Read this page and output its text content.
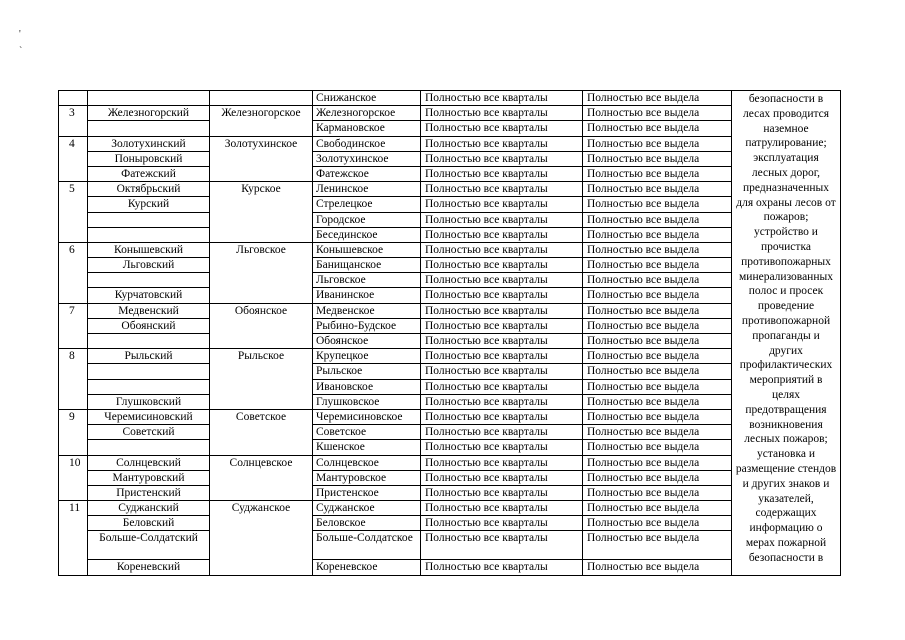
'
`
			Снижанское	Полностью все кварталы	Полностью все выдела	безопасности в лесах проводится наземное патрулирование; эксплуатация лесных дорог, предназначенных для охраны лесов от пожаров; устройство и прочистка противопожарных минерализованных полос и просек проведение противопожарной пропаганды и других профилактических мероприятий в целях предотвращения возникновения лесных пожаров; установка и размещение стендов и других знаков и указателей, содержащих информацию о мерах пожарной безопасности в
3	Железногорский	Железногорское	Железногорское	Полностью все кварталы	Полностью все выдела	
			Кармановское	Полностью все кварталы	Полностью все выдела	
4	Золотухинский	Золотухинское	Свободинское	Полностью все кварталы	Полностью все выдела	
	Поныровский		Золотухинское	Полностью все кварталы	Полностью все выдела	
	Фатежский		Фатежское	Полностью все кварталы	Полностью все выдела	
5	Октябрьский	Курское	Ленинское	Полностью все кварталы	Полностью все выдела	
	Курский		Стрелецкое	Полностью все кварталы	Полностью все выдела	
			Городское	Полностью все кварталы	Полностью все выдела	
			Бесединское	Полностью все кварталы	Полностью все выдела	
6	Конышевский	Льговское	Конышевское	Полностью все кварталы	Полностью все выдела	
	Льговский		Банищанское	Полностью все кварталы	Полностью все выдела	
			Льговское	Полностью все кварталы	Полностью все выдела	
	Курчатовский		Иванинское	Полностью все кварталы	Полностью все выдела	
7	Медвенский	Обоянское	Медвенское	Полностью все кварталы	Полностью все выдела	
	Обоянский		Рыбино-Будское	Полностью все кварталы	Полностью все выдела	
			Обоянское	Полностью все кварталы	Полностью все выдела	
8	Рыльский	Рыльское	Крупецкое	Полностью все кварталы	Полностью все выдела	
			Рыльское	Полностью все кварталы	Полностью все выдела	
			Ивановское	Полностью все кварталы	Полностью все выдела	
	Глушковский		Глушковское	Полностью все кварталы	Полностью все выдела	
9	Черемисиновский	Советское	Черемисиновское	Полностью все кварталы	Полностью все выдела	
	Советский		Советское	Полностью все кварталы	Полностью все выдела	
			Кшенское	Полностью все кварталы	Полностью все выдела	
10	Солнцевский	Солнцевское	Солнцевское	Полностью все кварталы	Полностью все выдела	
	Мантуровский		Мантуровское	Полностью все кварталы	Полностью все выдела	
	Пристенский		Пристенское	Полностью все кварталы	Полностью все выдела	
11	Суджанский	Суджанское	Суджанское	Полностью все кварталы	Полностью все выдела	
	Беловский		Беловское	Полностью все кварталы	Полностью все выдела	
	Больше-Солдатский		Больше-Солдатское	Полностью все кварталы	Полностью все выдела	
	Кореневский		Кореневское	Полностью все кварталы	Полностью все выдела	
